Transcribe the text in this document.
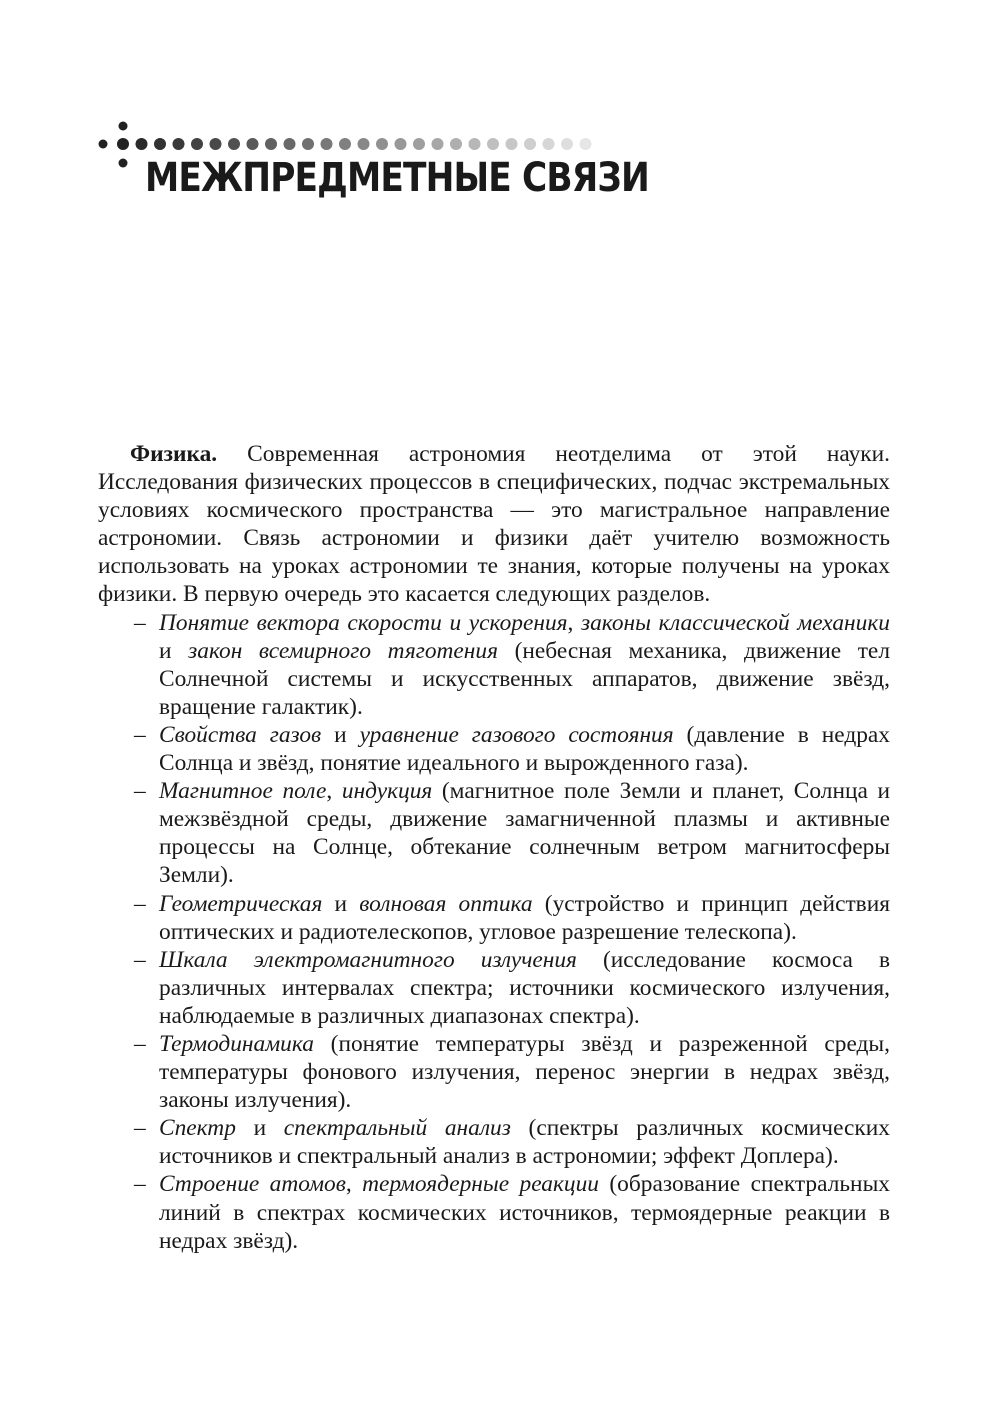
МЕЖПРЕДМЕТНЫЕ СВЯЗИ

Физика. Современная астрономия неотделима от этой науки. Исследования физических процессов в специфических, подчас экстремальных условиях космического пространства — это магистральное направление астрономии. Связь астрономии и физики даёт учителю возможность использовать на уроках астрономии те знания, которые получены на уроках физики. В первую очередь это касается следующих разделов.

– Понятие вектора скорости и ускорения, законы классической механики и закон всемирного тяготения (небесная механика, движение тел Солнечной системы и искусственных аппаратов, движение звёзд, вращение галактик).
– Свойства газов и уравнение газового состояния (давление в недрах Солнца и звёзд, понятие идеального и вырожденного газа).
– Магнитное поле, индукция (магнитное поле Земли и планет, Солнца и межзвёздной среды, движение замагниченной плазмы и активные процессы на Солнце, обтекание солнечным ветром магнитосферы Земли).
– Геометрическая и волновая оптика (устройство и принцип действия оптических и радиотелескопов, угловое разрешение телескопа).
– Шкала электромагнитного излучения (исследование космоса в различных интервалах спектра; источники космического излучения, наблюдаемые в различных диапазонах спектра).
– Термодинамика (понятие температуры звёзд и разреженной среды, температуры фонового излучения, перенос энергии в недрах звёзд, законы излучения).
– Спектр и спектральный анализ (спектры различных космических источников и спектральный анализ в астрономии; эффект Доплера).
– Строение атомов, термоядерные реакции (образование спектральных линий в спектрах космических источников, термоядерные реакции в недрах звёзд).
